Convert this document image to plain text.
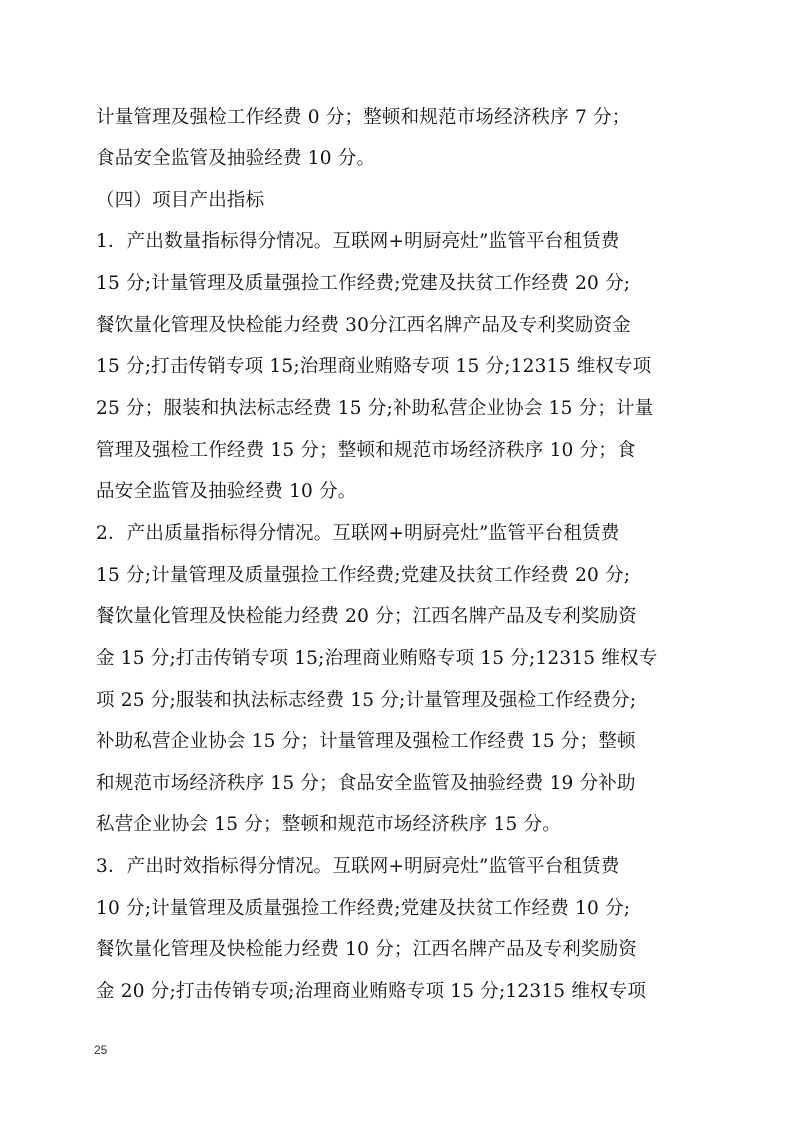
计量管理及强检工作经费 0 分；整顿和规范市场经济秩序 7 分；
食品安全监管及抽验经费 10 分。
（四）项目产出指标
1．产出数量指标得分情况。互联网+明厨亮灶”监管平台租赁费
15 分;计量管理及质量强捡工作经费;党建及扶贫工作经费 20 分;
餐饮量化管理及快检能力经费 30分江西名牌产品及专利奖励资金
15 分;打击传销专项 15;治理商业贿赂专项 15 分;12315 维权专项
25 分；服装和执法标志经费 15 分;补助私营企业协会 15 分；计量
管理及强检工作经费 15 分；整顿和规范市场经济秩序 10 分；食
品安全监管及抽验经费 10 分。
2．产出质量指标得分情况。互联网+明厨亮灶”监管平台租赁费
15 分;计量管理及质量强捡工作经费;党建及扶贫工作经费 20 分;
餐饮量化管理及快检能力经费 20 分；江西名牌产品及专利奖励资
金 15 分;打击传销专项 15;治理商业贿赂专项 15 分;12315 维权专
项 25 分;服装和执法标志经费 15 分;计量管理及强检工作经费分;
补助私营企业协会 15 分；计量管理及强检工作经费 15 分；整顿
和规范市场经济秩序 15 分；食品安全监管及抽验经费 19 分补助
私营企业协会 15 分；整顿和规范市场经济秩序 15 分。
3．产出时效指标得分情况。互联网+明厨亮灶”监管平台租赁费
10 分;计量管理及质量强捡工作经费;党建及扶贫工作经费 10 分;
餐饮量化管理及快检能力经费 10 分；江西名牌产品及专利奖励资
金 20 分;打击传销专项;治理商业贿赂专项 15 分;12315 维权专项
25
